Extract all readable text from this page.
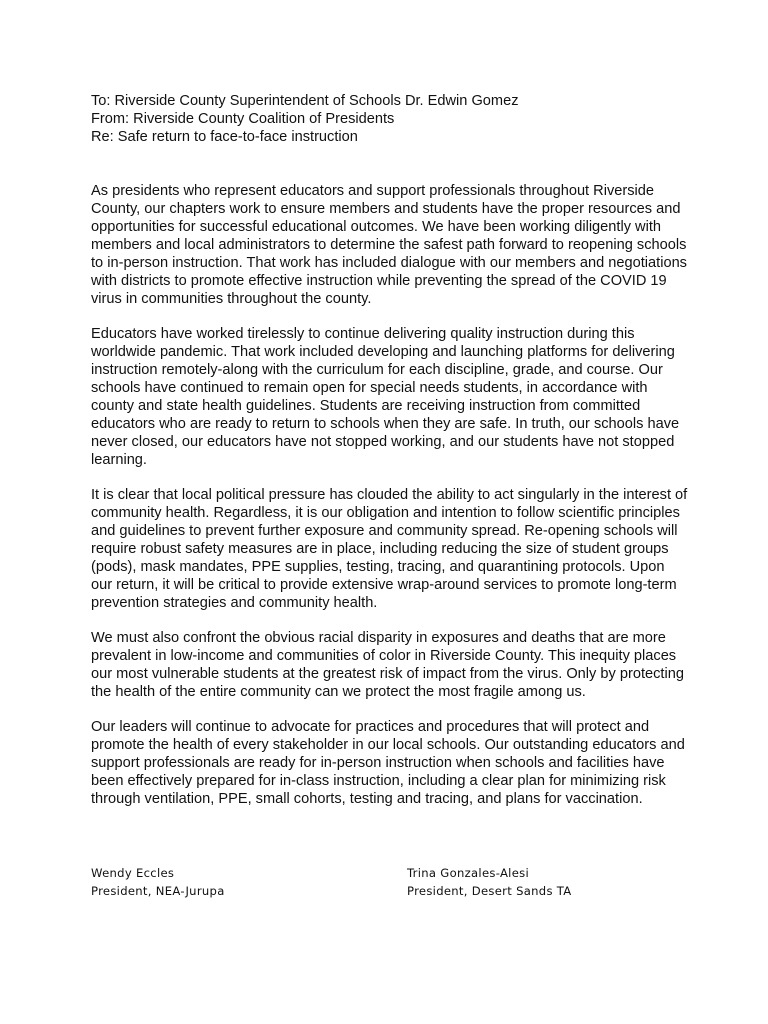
To: Riverside County Superintendent of Schools Dr. Edwin Gomez
From: Riverside County Coalition of Presidents
Re: Safe return to face-to-face instruction

As presidents who represent educators and support professionals throughout Riverside County, our chapters work to ensure members and students have the proper resources and opportunities for successful educational outcomes. We have been working diligently with members and local administrators to determine the safest path forward to reopening schools to in-person instruction. That work has included dialogue with our members and negotiations with districts to promote effective instruction while preventing the spread of the COVID 19 virus in communities throughout the county.

Educators have worked tirelessly to continue delivering quality instruction during this worldwide pandemic. That work included developing and launching platforms for delivering instruction remotely-along with the curriculum for each discipline, grade, and course. Our schools have continued to remain open for special needs students, in accordance with county and state health guidelines. Students are receiving instruction from committed educators who are ready to return to schools when they are safe. In truth, our schools have never closed, our educators have not stopped working, and our students have not stopped learning.

It is clear that local political pressure has clouded the ability to act singularly in the interest of community health. Regardless, it is our obligation and intention to follow scientific principles and guidelines to prevent further exposure and community spread. Re-opening schools will require robust safety measures are in place, including reducing the size of student groups (pods), mask mandates, PPE supplies, testing, tracing, and quarantining protocols. Upon our return, it will be critical to provide extensive wrap-around services to promote long-term prevention strategies and community health.

We must also confront the obvious racial disparity in exposures and deaths that are more prevalent in low-income and communities of color in Riverside County. This inequity places our most vulnerable students at the greatest risk of impact from the virus. Only by protecting the health of the entire community can we protect the most fragile among us.

Our leaders will continue to advocate for practices and procedures that will protect and promote the health of every stakeholder in our local schools. Our outstanding educators and support professionals are ready for in-person instruction when schools and facilities have been effectively prepared for in-class instruction, including a clear plan for minimizing risk through ventilation, PPE, small cohorts, testing and tracing, and plans for vaccination.

Wendy Eccles
President, NEA-Jurupa
Trina Gonzales-Alesi
President, Desert Sands TA
